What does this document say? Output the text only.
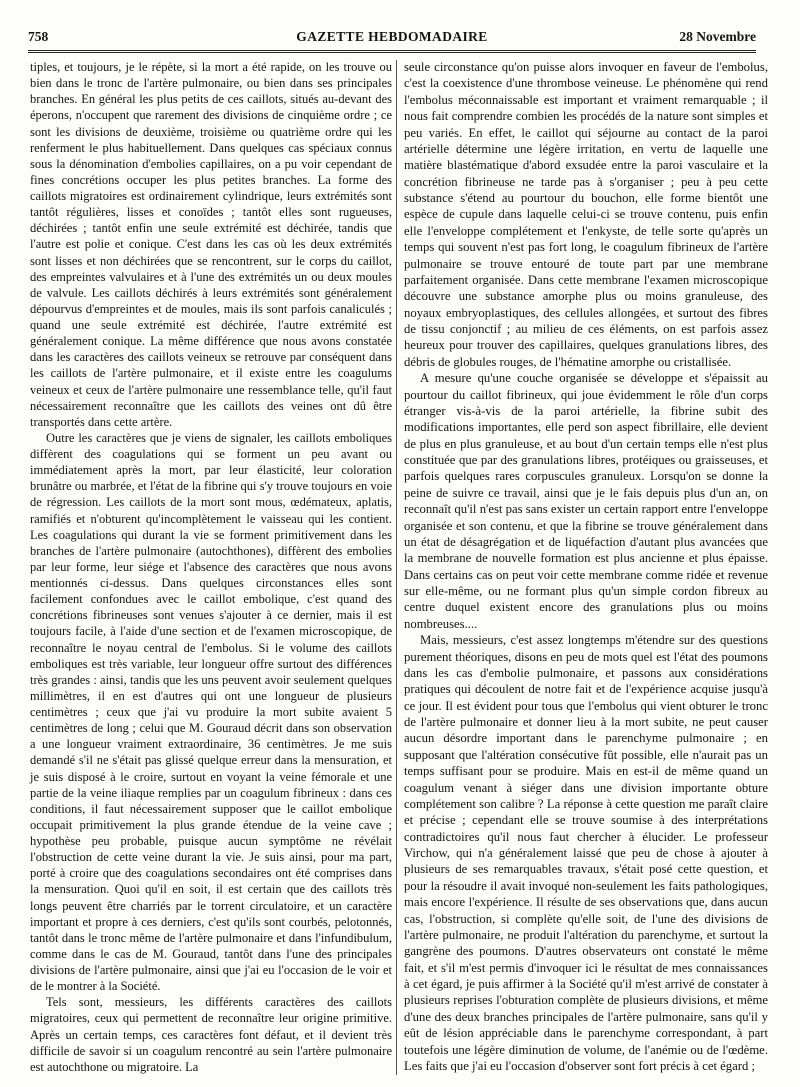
758	GAZETTE HEBDOMADAIRE	28 Novembre

tiples, et toujours, je le répète, si la mort a été rapide, on les trouve ou bien dans le tronc de l'artère pulmonaire, ou bien dans ses principales branches. En général les plus petits de ces caillots, situés au-devant des éperons, n'occupent que rarement des divisions de cinquième ordre ; ce sont les divisions de deuxième, troisième ou quatrième ordre qui les renferment le plus habituellement. Dans quelques cas spéciaux connus sous la dénomination d'embolies capillaires, on a pu voir cependant de fines concrétions occuper les plus petites branches. La forme des caillots migratoires est ordinairement cylindrique, leurs extrémités sont tantôt régulières, lisses et conoïdes ; tantôt elles sont rugueuses, déchirées ; tantôt enfin une seule extrémité est déchirée, tandis que l'autre est polie et conique. C'est dans les cas où les deux extrémités sont lisses et non déchirées que se rencontrent, sur le corps du caillot, des empreintes valvulaires et à l'une des extrémités un ou deux moules de valvule. Les caillots déchirés à leurs extrémités sont généralement dépourvus d'empreintes et de moules, mais ils sont parfois canaliculés ; quand une seule extrémité est déchirée, l'autre extrémité est généralement conique. La même différence que nous avons constatée dans les caractères des caillots veineux se retrouve par conséquent dans les caillots de l'artère pulmonaire, et il existe entre les coagulums veineux et ceux de l'artère pulmonaire une ressemblance telle, qu'il faut nécessairement reconnaître que les caillots des veines ont dû être transportés dans cette artère.

Outre les caractères que je viens de signaler, les caillots emboliques diffèrent des coagulations qui se forment un peu avant ou immédiatement après la mort, par leur élasticité, leur coloration brunâtre ou marbrée, et l'état de la fibrine qui s'y trouve toujours en voie de régression. Les caillots de la mort sont mous, œdémateux, aplatis, ramifiés et n'obturent qu'incomplètement le vaisseau qui les contient. Les coagulations qui durant la vie se forment primitivement dans les branches de l'artère pulmonaire (autochthones), diffèrent des embolies par leur forme, leur siége et l'absence des caractères que nous avons mentionnés ci-dessus. Dans quelques circonstances elles sont facilement confondues avec le caillot embolique, c'est quand des concrétions fibrineuses sont venues s'ajouter à ce dernier, mais il est toujours facile, à l'aide d'une section et de l'examen microscopique, de reconnaître le noyau central de l'embolus. Si le volume des caillots emboliques est très variable, leur longueur offre surtout des différences très grandes : ainsi, tandis que les uns peuvent avoir seulement quelques millimètres, il en est d'autres qui ont une longueur de plusieurs centimètres ; ceux que j'ai vu produire la mort subite avaient 5 centimètres de long ; celui que M. Gouraud décrit dans son observation a une longueur vraiment extraordinaire, 36 centimètres. Je me suis demandé s'il ne s'était pas glissé quelque erreur dans la mensuration, et je suis disposé à le croire, surtout en voyant la veine fémorale et une partie de la veine iliaque remplies par un coagulum fibrineux : dans ces conditions, il faut nécessairement supposer que le caillot embolique occupait primitivement la plus grande étendue de la veine cave ; hypothèse peu probable, puisque aucun symptôme ne révélait l'obstruction de cette veine durant la vie. Je suis ainsi, pour ma part, porté à croire que des coagulations secondaires ont été comprises dans la mensuration. Quoi qu'il en soit, il est certain que des caillots très longs peuvent être charriés par le torrent circulatoire, et un caractère important et propre à ces derniers, c'est qu'ils sont courbés, pelotonnés, tantôt dans le tronc même de l'artère pulmonaire et dans l'infundibulum, comme dans le cas de M. Gouraud, tantôt dans l'une des principales divisions de l'artère pulmonaire, ainsi que j'ai eu l'occasion de le voir et de le montrer à la Société.

Tels sont, messieurs, les différents caractères des caillots migratoires, ceux qui permettent de reconnaître leur origine primitive. Après un certain temps, ces caractères font défaut, et il devient très difficile de savoir si un coagulum rencontré au sein l'artère pulmonaire est autochthone ou migratoire. La

seule circonstance qu'on puisse alors invoquer en faveur de l'embolus, c'est la coexistence d'une thrombose veineuse. Le phénomène qui rend l'embolus méconnaissable est important et vraiment remarquable ; il nous fait comprendre combien les procédés de la nature sont simples et peu variés. En effet, le caillot qui séjourne au contact de la paroi artérielle détermine une légère irritation, en vertu de laquelle une matière blastématique d'abord exsudée entre la paroi vasculaire et la concrétion fibrineuse ne tarde pas à s'organiser ; peu à peu cette substance s'étend au pourtour du bouchon, elle forme bientôt une espèce de cupule dans laquelle celui-ci se trouve contenu, puis enfin elle l'enveloppe complétement et l'enkyste, de telle sorte qu'après un temps qui souvent n'est pas fort long, le coagulum fibrineux de l'artère pulmonaire se trouve entouré de toute part par une membrane parfaitement organisée. Dans cette membrane l'examen microscopique découvre une substance amorphe plus ou moins granuleuse, des noyaux embryoplastiques, des cellules allongées, et surtout des fibres de tissu conjonctif ; au milieu de ces éléments, on est parfois assez heureux pour trouver des capillaires, quelques granulations libres, des débris de globules rouges, de l'hématine amorphe ou cristallisée.

A mesure qu'une couche organisée se développe et s'épaissit au pourtour du caillot fibrineux, qui joue évidemment le rôle d'un corps étranger vis-à-vis de la paroi artérielle, la fibrine subit des modifications importantes, elle perd son aspect fibrillaire, elle devient de plus en plus granuleuse, et au bout d'un certain temps elle n'est plus constituée que par des granulations libres, protéiques ou graisseuses, et parfois quelques rares corpuscules granuleux. Lorsqu'on se donne la peine de suivre ce travail, ainsi que je le fais depuis plus d'un an, on reconnaît qu'il n'est pas sans exister un certain rapport entre l'enveloppe organisée et son contenu, et que la fibrine se trouve généralement dans un état de désagrégation et de liquéfaction d'autant plus avancées que la membrane de nouvelle formation est plus ancienne et plus épaisse. Dans certains cas on peut voir cette membrane comme ridée et revenue sur elle-même, ou ne formant plus qu'un simple cordon fibreux au centre duquel existent encore des granulations plus ou moins nombreuses....

Mais, messieurs, c'est assez longtemps m'étendre sur des questions purement théoriques, disons en peu de mots quel est l'état des poumons dans les cas d'embolie pulmonaire, et passons aux considérations pratiques qui découlent de notre fait et de l'expérience acquise jusqu'à ce jour. Il est évident pour tous que l'embolus qui vient obturer le tronc de l'artère pulmonaire et donner lieu à la mort subite, ne peut causer aucun désordre important dans le parenchyme pulmonaire ; en supposant que l'altération consécutive fût possible, elle n'aurait pas un temps suffisant pour se produire. Mais en est-il de même quand un coagulum venant à siéger dans une division importante obture complétement son calibre ? La réponse à cette question me paraît claire et précise ; cependant elle se trouve soumise à des interprétations contradictoires qu'il nous faut chercher à élucider. Le professeur Virchow, qui n'a généralement laissé que peu de chose à ajouter à plusieurs de ses remarquables travaux, s'était posé cette question, et pour la résoudre il avait invoqué non-seulement les faits pathologiques, mais encore l'expérience. Il résulte de ses observations que, dans aucun cas, l'obstruction, si complète qu'elle soit, de l'une des divisions de l'artère pulmonaire, ne produit l'altération du parenchyme, et surtout la gangrène des poumons. D'autres observateurs ont constaté le même fait, et s'il m'est permis d'invoquer ici le résultat de mes connaissances à cet égard, je puis affirmer à la Société qu'il m'est arrivé de constater à plusieurs reprises l'obturation complète de plusieurs divisions, et même d'une des deux branches principales de l'artère pulmonaire, sans qu'il y eût de lésion appréciable dans le parenchyme correspondant, à part toutefois une légère diminution de volume, de l'anémie ou de l'œdème. Les faits que j'ai eu l'occasion d'observer sont fort précis à cet égard ;
